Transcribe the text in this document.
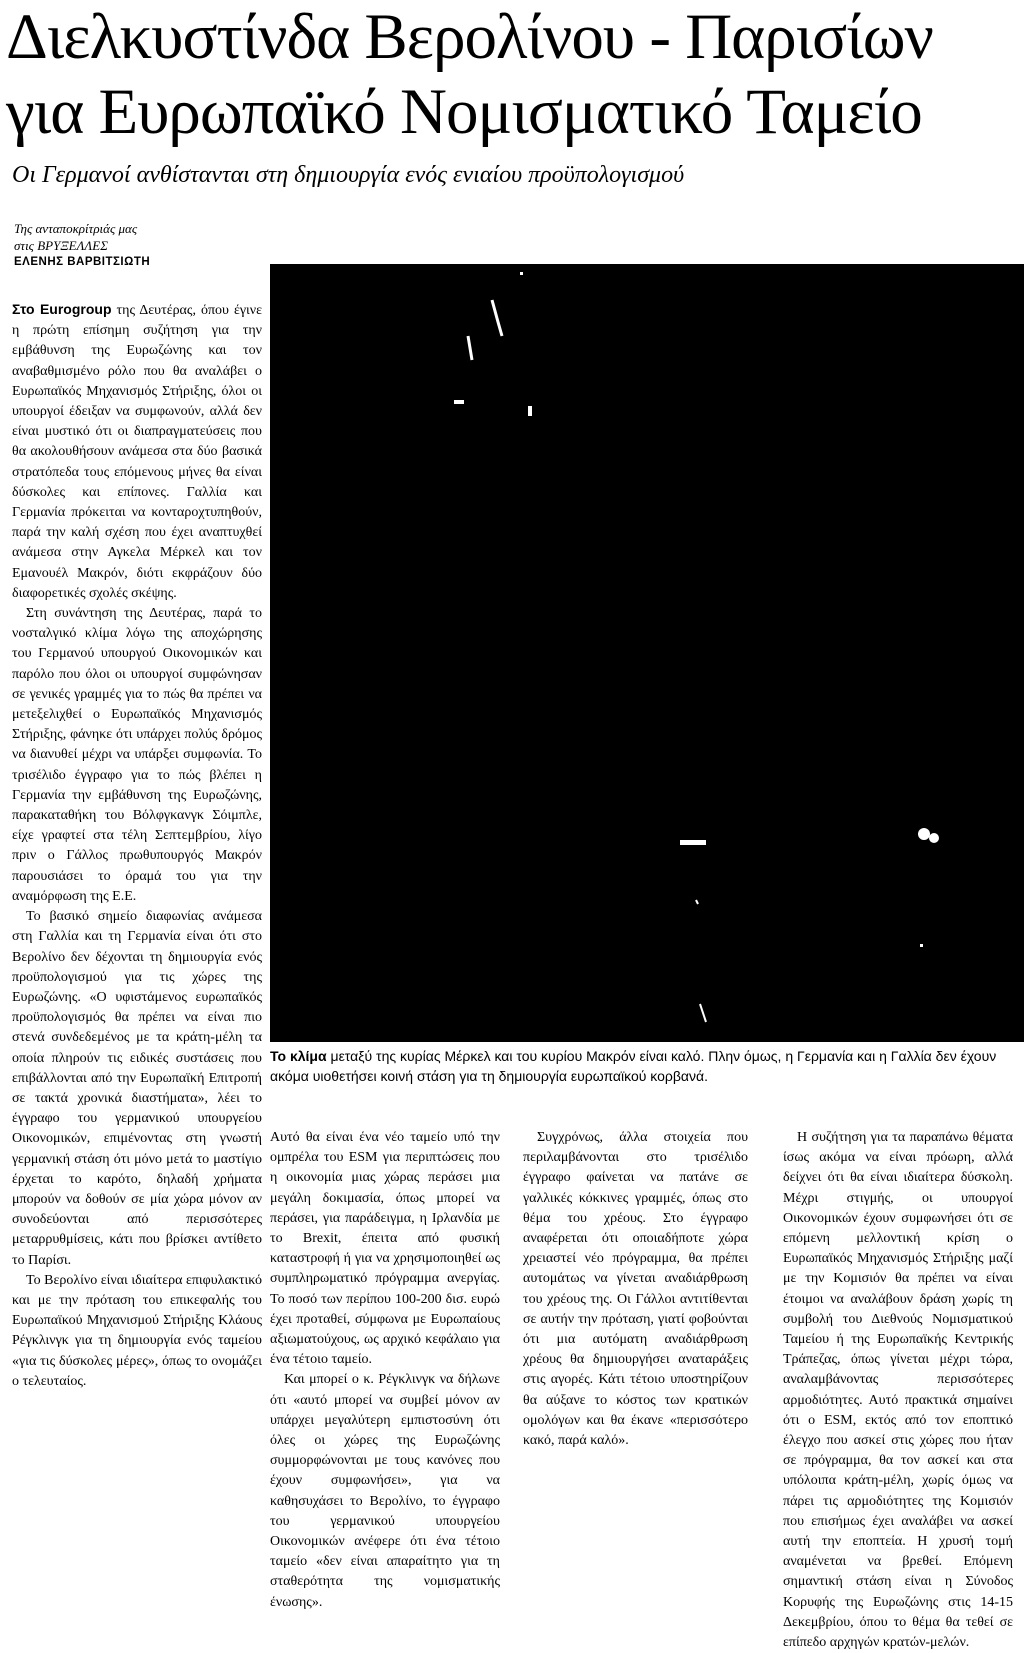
Διελκυστίνδα Βερολίνου - Παρισίων
για Ευρωπαϊκό Νομισματικό Ταμείο
Οι Γερμανοί ανθίστανται στη δημιουργία ενός ενιαίου προϋπολογισμού
Της ανταποκρίτριάς μας
στις ΒΡΥΞΕΛΛΕΣ
ΕΛΕΝΗΣ ΒΑΡΒΙΤΣΙΩΤΗ

Στο Eurogroup της Δευτέρας, όπου έγινε η πρώτη επίσημη συζήτηση για την εμβάθυνση της Ευρωζώνης και τον αναβαθμισμένο ρόλο που θα αναλάβει ο Ευρωπαϊκός Μηχανισμός Στήριξης, όλοι οι υπουργοί έδειξαν να συμφωνούν, αλλά δεν είναι μυστικό ότι οι διαπραγματεύσεις που θα ακολουθήσουν ανάμεσα στα δύο βασικά στρατόπεδα τους επόμενους μήνες θα είναι δύσκολες και επίπονες. Γαλλία και Γερμανία πρόκειται να κονταροχτυπηθούν, παρά την καλή σχέση που έχει αναπτυχθεί ανάμεσα στην Αγκελα Μέρκελ και τον Εμανουέλ Μακρόν, διότι εκφράζουν δύο διαφορετικές σχολές σκέψης.

Στη συνάντηση της Δευτέρας, παρά το νοσταλγικό κλίμα λόγω της αποχώρησης του Γερμανού υπουργού Οικονομικών και παρόλο που όλοι οι υπουργοί συμφώνησαν σε γενικές γραμμές για το πώς θα πρέπει να μετεξελιχθεί ο Ευρωπαϊκός Μηχανισμός Στήριξης, φάνηκε ότι υπάρχει πολύς δρόμος να διανυθεί μέχρι να υπάρξει συμφωνία. Το τρισέλιδο έγγραφο για το πώς βλέπει η Γερμανία την εμβάθυνση της Ευρωζώνης, παρακαταθήκη του Βόλφγκανγκ Σόιμπλε, είχε γραφτεί στα τέλη Σεπτεμβρίου, λίγο πριν ο Γάλλος πρωθυπουργός Μακρόν παρουσιάσει το όραμά του για την αναμόρφωση της Ε.Ε.

Το βασικό σημείο διαφωνίας ανάμεσα στη Γαλλία και τη Γερμανία είναι ότι στο Βερολίνο δεν δέχονται τη δημιουργία ενός προϋπολογισμού για τις χώρες της Ευρωζώνης. «Ο υφιστάμενος ευρωπαϊκός προϋπολογισμός θα πρέπει να είναι πιο στενά συνδεδεμένος με τα κράτη-μέλη τα οποία πληρούν τις ειδικές συστάσεις που επιβάλλονται από την Ευρωπαϊκή Επιτροπή σε τακτά χρονικά διαστήματα», λέει το έγγραφο του γερμανικού υπουργείου Οικονομικών, επιμένοντας στη γνωστή γερμανική στάση ότι μόνο μετά το μαστίγιο έρχεται το καρότο, δηλαδή χρήματα μπορούν να δοθούν σε μία χώρα μόνον αν συνοδεύονται από περισσότερες μεταρρυθμίσεις, κάτι που βρίσκει αντίθετο το Παρίσι.

Το Βερολίνο είναι ιδιαίτερα επιφυλακτικό και με την πρόταση του επικεφαλής του Ευρωπαϊκού Μηχανισμού Στήριξης Κλάους Ρέγκλινγκ για τη δημιουργία ενός ταμείου «για τις δύσκολες μέρες», όπως το ονομάζει ο τελευταίος.

Το κλίμα μεταξύ της κυρίας Μέρκελ και του κυρίου Μακρόν είναι καλό. Πλην όμως, η Γερμανία και η Γαλλία δεν έχουν ακόμα υιοθετήσει κοινή στάση για τη δημιουργία ευρωπαϊκού κορβανά.

Αυτό θα είναι ένα νέο ταμείο υπό την ομπρέλα του ESM για περιπτώσεις που η οικονομία μιας χώρας περάσει μια μεγάλη δοκιμασία, όπως μπορεί να περάσει, για παράδειγμα, η Ιρλανδία με το Brexit, έπειτα από φυσική καταστροφή ή για να χρησιμοποιηθεί ως συμπληρωματικό πρόγραμμα ανεργίας. Το ποσό των περίπου 100-200 δισ. ευρώ έχει προταθεί, σύμφωνα με Ευρωπαίους αξιωματούχους, ως αρχικό κεφάλαιο για ένα τέτοιο ταμείο.

Και μπορεί ο κ. Ρέγκλινγκ να δήλωνε ότι «αυτό μπορεί να συμβεί μόνον αν υπάρχει μεγαλύτερη εμπιστοσύνη ότι όλες οι χώρες της Ευρωζώνης συμμορφώνονται με τους κανόνες που έχουν συμφωνήσει», για να καθησυχάσει το Βερολίνο, το έγγραφο του γερμανικού υπουργείου Οικονομικών ανέφερε ότι ένα τέτοιο ταμείο «δεν είναι απαραίτητο για τη σταθερότητα της νομισματικής ένωσης».

Συγχρόνως, άλλα στοιχεία που περιλαμβάνονται στο τρισέλιδο έγγραφο φαίνεται να πατάνε σε γαλλικές κόκκινες γραμμές, όπως στο θέμα του χρέους. Στο έγγραφο αναφέρεται ότι οποιαδήποτε χώρα χρειαστεί νέο πρόγραμμα, θα πρέπει αυτομάτως να γίνεται αναδιάρθρωση του χρέους της. Οι Γάλλοι αντιτίθενται σε αυτήν την πρόταση, γιατί φοβούνται ότι μια αυτόματη αναδιάρθρωση χρέους θα δημιουργήσει αναταράξεις στις αγορές. Κάτι τέτοιο υποστηρίζουν θα αύξανε το κόστος των κρατικών ομολόγων και θα έκανε «περισσότερο κακό, παρά καλό».

Η συζήτηση για τα παραπάνω θέματα ίσως ακόμα να είναι πρόωρη, αλλά δείχνει ότι θα είναι ιδιαίτερα δύσκολη. Μέχρι στιγμής, οι υπουργοί Οικονομικών έχουν συμφωνήσει ότι σε επόμενη μελλοντική κρίση ο Ευρωπαϊκός Μηχανισμός Στήριξης μαζί με την Κομισιόν θα πρέπει να είναι έτοιμοι να αναλάβουν δράση χωρίς τη συμβολή του Διεθνούς Νομισματικού Ταμείου ή της Ευρωπαϊκής Κεντρικής Τράπεζας, όπως γίνεται μέχρι τώρα, αναλαμβάνοντας περισσότερες αρμοδιότητες. Αυτό πρακτικά σημαίνει ότι ο ESM, εκτός από τον εποπτικό έλεγχο που ασκεί στις χώρες που ήταν σε πρόγραμμα, θα τον ασκεί και στα υπόλοιπα κράτη-μέλη, χωρίς όμως να πάρει τις αρμοδιότητες της Κομισιόν που επισήμως έχει αναλάβει να ασκεί αυτή την εποπτεία. Η χρυσή τομή αναμένεται να βρεθεί. Επόμενη σημαντική στάση είναι η Σύνοδος Κορυφής της Ευρωζώνης στις 14-15 Δεκεμβρίου, όπου το θέμα θα τεθεί σε επίπεδο αρχηγών κρατών-μελών.
